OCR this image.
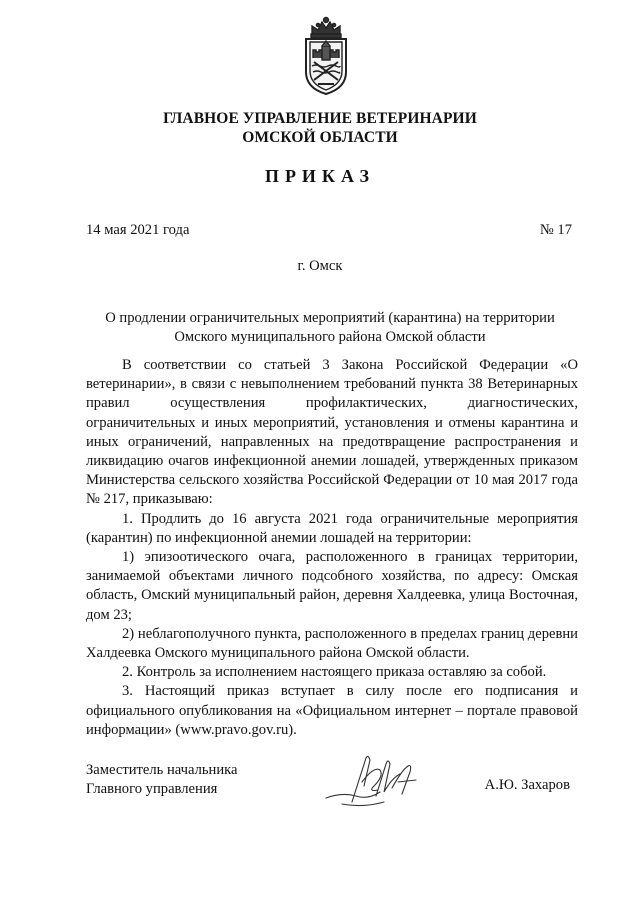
ГЛАВНОЕ УПРАВЛЕНИЕ ВЕТЕРИНАРИИ
ОМСКОЙ ОБЛАСТИ
ПРИКАЗ
14 мая 2021 года	№ 17
г. Омск
О продлении ограничительных мероприятий (карантина) на территории
Омского муниципального района Омской области

В соответствии со статьей 3 Закона Российской Федерации «О ветеринарии», в связи с невыполнением требований пункта 38 Ветеринарных правил осуществления профилактических, диагностических, ограничительных и иных мероприятий, установления и отмены карантина и иных ограничений, направленных на предотвращение распространения и ликвидацию очагов инфекционной анемии лошадей, утвержденных приказом Министерства сельского хозяйства Российской Федерации от 10 мая 2017 года № 217, приказываю:

1. Продлить до 16 августа 2021 года ограничительные мероприятия (карантин) по инфекционной анемии лошадей на территории:

1) эпизоотического очага, расположенного в границах территории, занимаемой объектами личного подсобного хозяйства, по адресу: Омская область, Омский муниципальный район, деревня Халдеевка, улица Восточная, дом 23;

2) неблагополучного пункта, расположенного в пределах границ деревни Халдеевка Омского муниципального района Омской области.

2. Контроль за исполнением настоящего приказа оставляю за собой.

3. Настоящий приказ вступает в силу после его подписания и официального опубликования на «Официальном интернет – портале правовой информации» (www.pravo.gov.ru).

Заместитель начальника
Главного управления	А.Ю. Захаров
